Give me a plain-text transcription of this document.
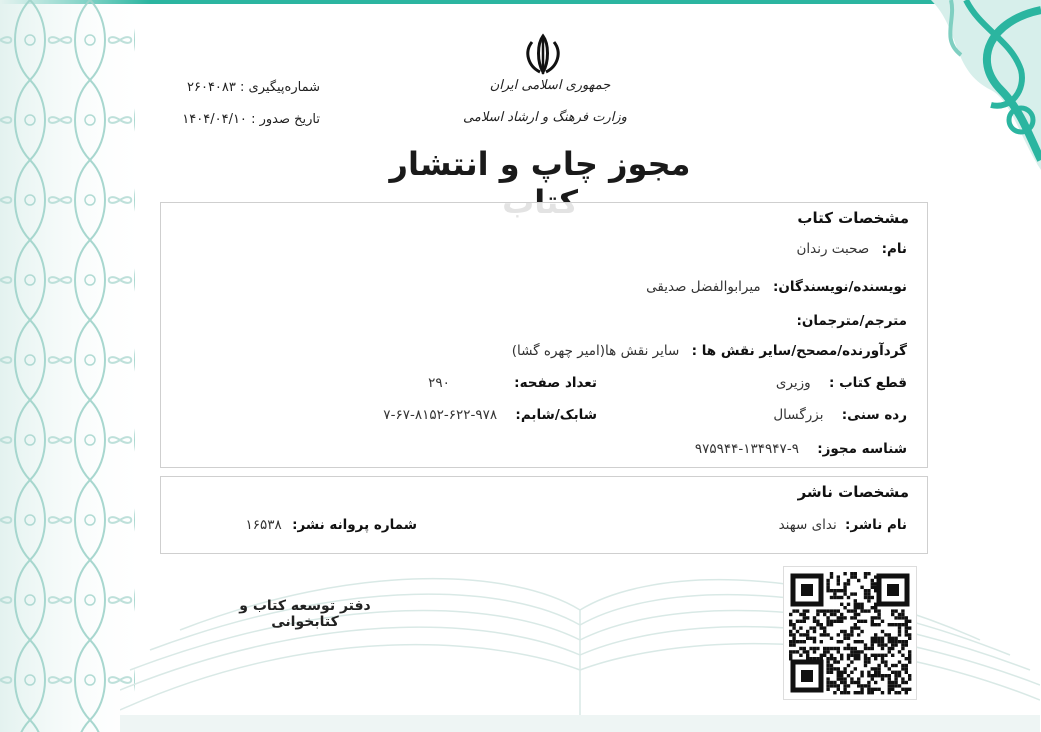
جمهوری اسلامی ایران
وزارت فرهنگ و ارشاد اسلامی
مجوز چاپ و انتشار
شماره‌پیگیری : ۲۶۰۴۰۸۳
تاریخ صدور : ۱۴۰۴/۰۴/۱۰
مشخصات کتاب
نام: صحبت رندان
نویسنده/نویسندگان: میرابوالفضل صدیقی
مترجم/مترجمان:
گردآورنده/مصحح/سایر نقش ها : سایر نقش ها(امیر چهره گشا)
قطع کتاب : وزیری
تعداد صفحه: ۲۹۰
رده سنی: بزرگسال
شابک/شابم: ۹۷۸-۶۲۲-۸۱۵۲-۶۷-۷
شناسه مجوز: ۹-۱۳۴۹۴۷-۹۷۵۹۴۴
مشخصات ناشر
نام ناشر: ندای سهند
شماره پروانه نشر: ۱۶۵۳۸
دفتر توسعه کتاب و کتابخوانی
